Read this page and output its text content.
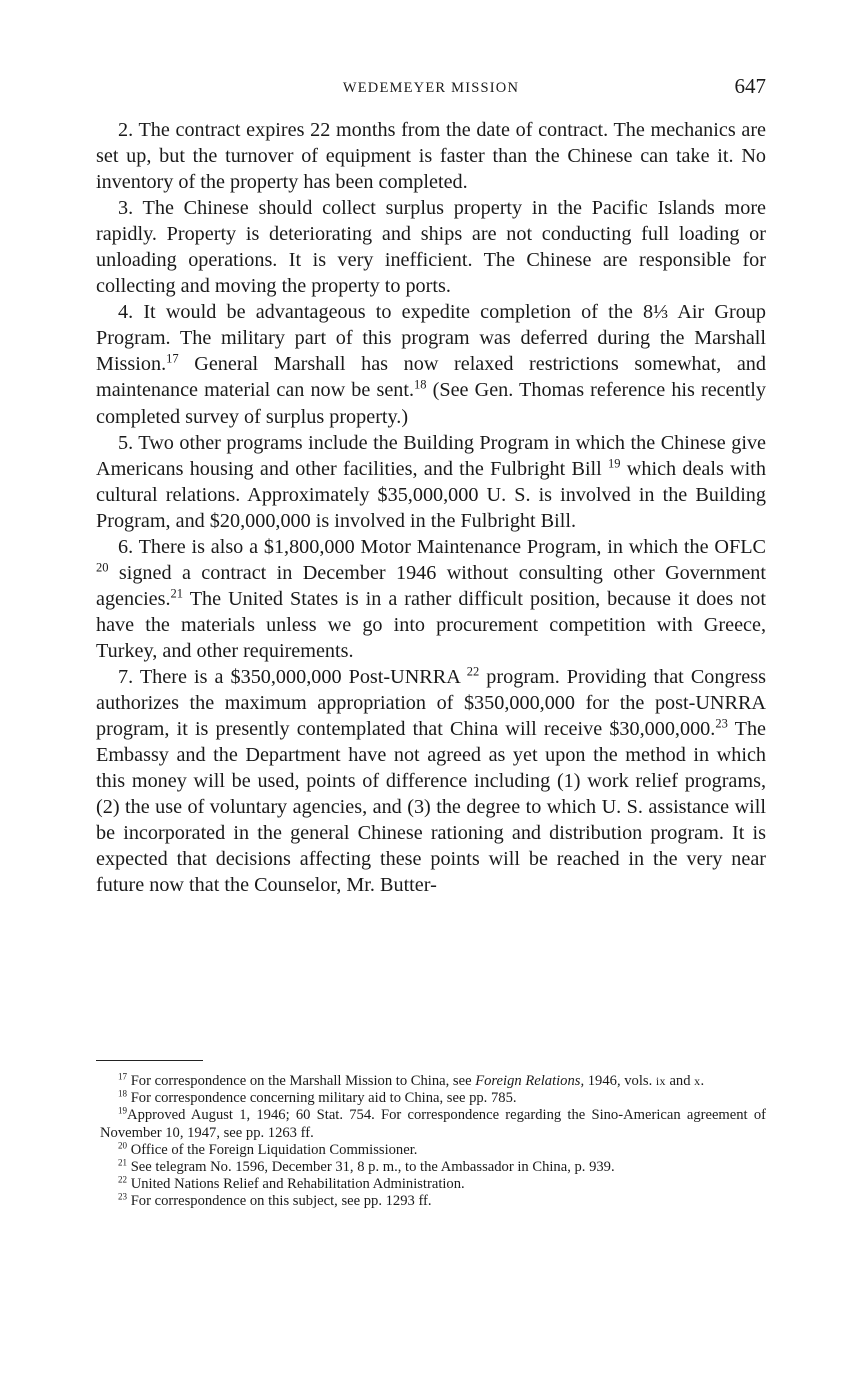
WEDEMEYER MISSION	647

2. The contract expires 22 months from the date of contract. The mechanics are set up, but the turnover of equipment is faster than the Chinese can take it. No inventory of the property has been completed.

3. The Chinese should collect surplus property in the Pacific Islands more rapidly. Property is deteriorating and ships are not conducting full loading or unloading operations. It is very inefficient. The Chinese are responsible for collecting and moving the property to ports.

4. It would be advantageous to expedite completion of the 8⅓ Air Group Program. The military part of this program was deferred during the Marshall Mission.$^{17}$ General Marshall has now relaxed restrictions somewhat, and maintenance material can now be sent.$^{18}$ (See Gen. Thomas reference his recently completed survey of surplus property.)

5. Two other programs include the Building Program in which the Chinese give Americans housing and other facilities, and the Fulbright Bill $^{19}$ which deals with cultural relations. Approximately $35,000,000 U. S. is involved in the Building Program, and $20,000,000 is involved in the Fulbright Bill.

6. There is also a $1,800,000 Motor Maintenance Program, in which the OFLC $^{20}$ signed a contract in December 1946 without consulting other Government agencies.$^{21}$ The United States is in a rather difficult position, because it does not have the materials unless we go into procurement competition with Greece, Turkey, and other requirements.

7. There is a $350,000,000 Post-UNRRA $^{22}$ program. Providing that Congress authorizes the maximum appropriation of $350,000,000 for the post-UNRRA program, it is presently contemplated that China will receive $30,000,000.23 The Embassy and the Department have not agreed as yet upon the method in which this money will be used, points of difference including (1) work relief programs, (2) the use of voluntary agencies, and (3) the degree to which U. S. assistance will be incorporated in the general Chinese rationing and distribution program. It is expected that decisions affecting these points will be reached in the very near future now that the Counselor, Mr. Butter-

$^{17}$ For correspondence on the Marshall Mission to China, see Foreign Relations, 1946, vols. ix and x.

$^{18}$ For correspondence concerning military aid to China, see pp. 785.

$^{19}$Approved August 1, 1946; 60 Stat. 754. For correspondence regarding the Sino-American agreement of November 10, 1947, see pp. 1263 ff.

$^{20}$ Office of the Foreign Liquidation Commissioner.

$^{21}$ See telegram No. 1596, December 31, 8 p. m., to the Ambassador in China, p. 939.

$^{22}$ United Nations Relief and Rehabilitation Administration.

$^{23}$ For correspondence on this subject, see pp. 1293 ff.
